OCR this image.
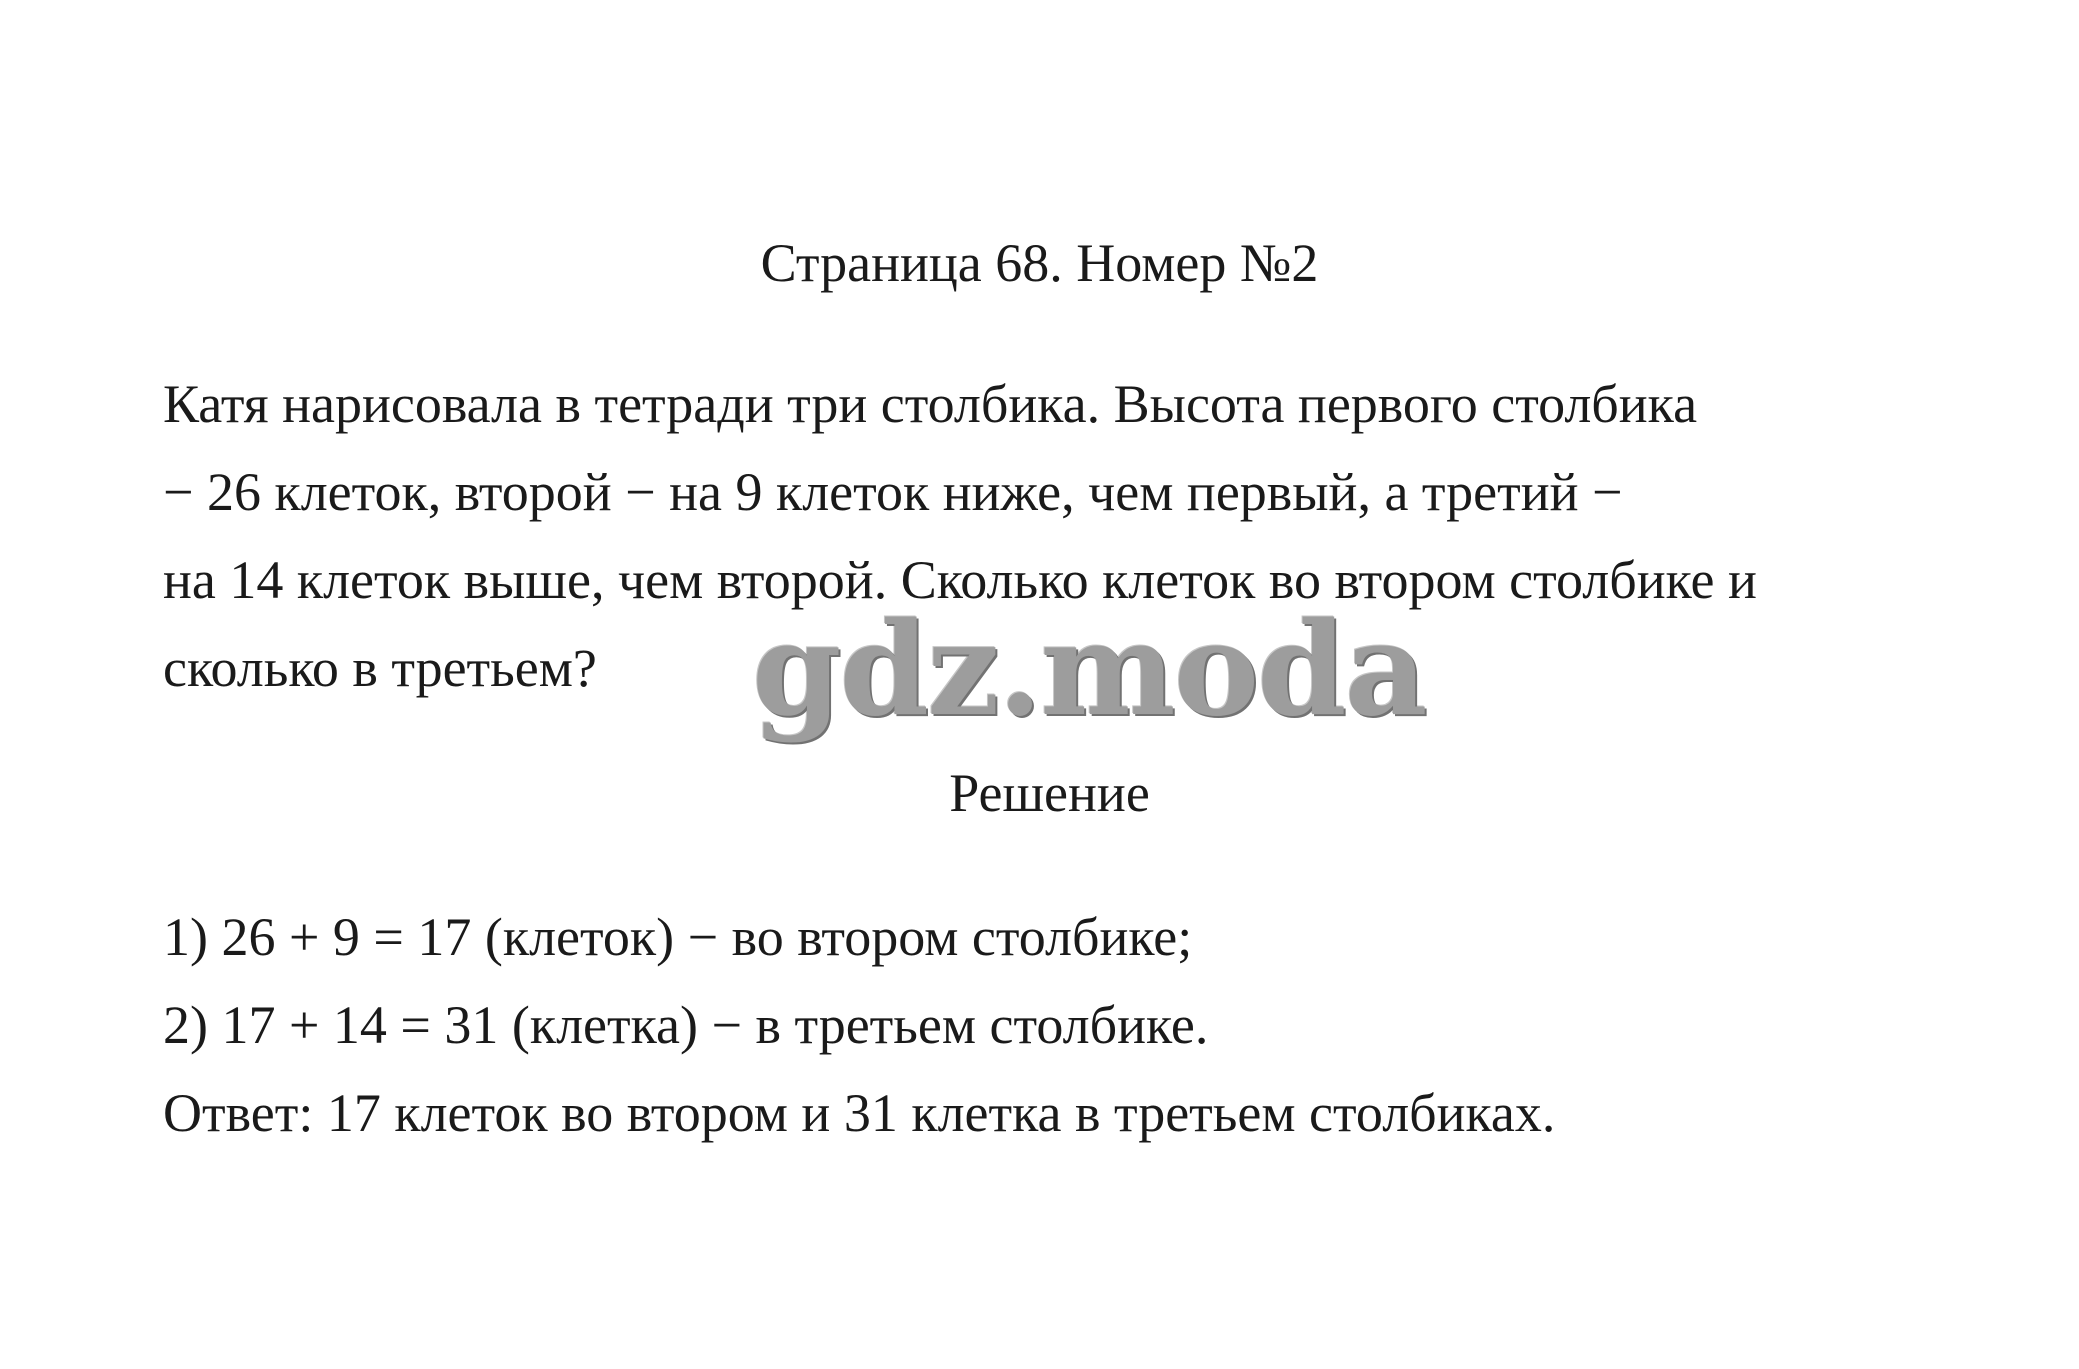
Страница 68. Номер №2
Катя нарисовала в тетради три столбика. Высота первого столбика
− 26 клеток, второй − на 9 клеток ниже, чем первый, а третий −
на 14 клеток выше, чем второй. Сколько клеток во втором столбике и
сколько в третьем?	gdz.moda
Решение
1) 26 + 9 = 17 (клеток) − во втором столбике;
2) 17 + 14 = 31 (клетка) − в третьем столбике.
Ответ: 17 клеток во втором и 31 клетка в третьем столбиках.
